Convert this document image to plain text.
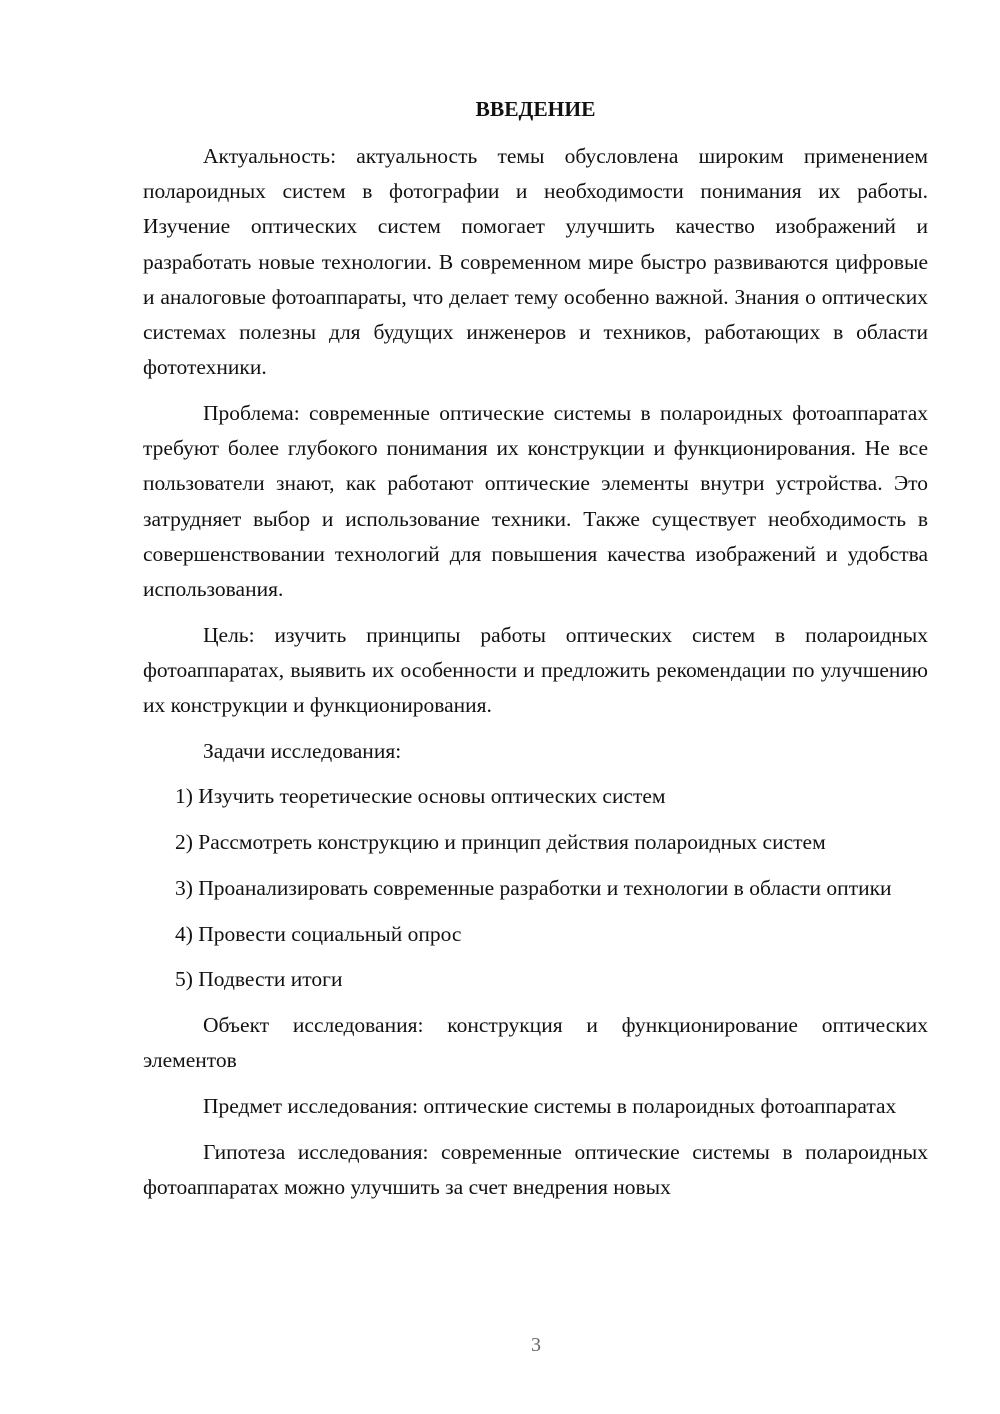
ВВЕДЕНИЕ

Актуальность: актуальность темы обусловлена широким применением полароидных систем в фотографии и необходимости понимания их работы. Изучение оптических систем помогает улучшить качество изображений и разработать новые технологии. В современном мире быстро развиваются цифровые и аналоговые фотоаппараты, что делает тему особенно важной. Знания о оптических системах полезны для будущих инженеров и техников, работающих в области фототехники.

Проблема: современные оптические системы в полароидных фотоаппаратах требуют более глубокого понимания их конструкции и функционирования. Не все пользователи знают, как работают оптические элементы внутри устройства. Это затрудняет выбор и использование техники. Также существует необходимость в совершенствовании технологий для повышения качества изображений и удобства использования.

Цель: изучить принципы работы оптических систем в полароидных фотоаппаратах, выявить их особенности и предложить рекомендации по улучшению их конструкции и функционирования.

Задачи исследования:

1) Изучить теоретические основы оптических систем

2) Рассмотреть конструкцию и принцип действия полароидных систем

3) Проанализировать современные разработки и технологии в области оптики

4) Провести социальный опрос

5) Подвести итоги

Объект исследования: конструкция и функционирование оптических элементов

Предмет исследования: оптические системы в полароидных фотоаппаратах

Гипотеза исследования: современные оптические системы в полароидных фотоаппаратах можно улучшить за счет внедрения новых

3
